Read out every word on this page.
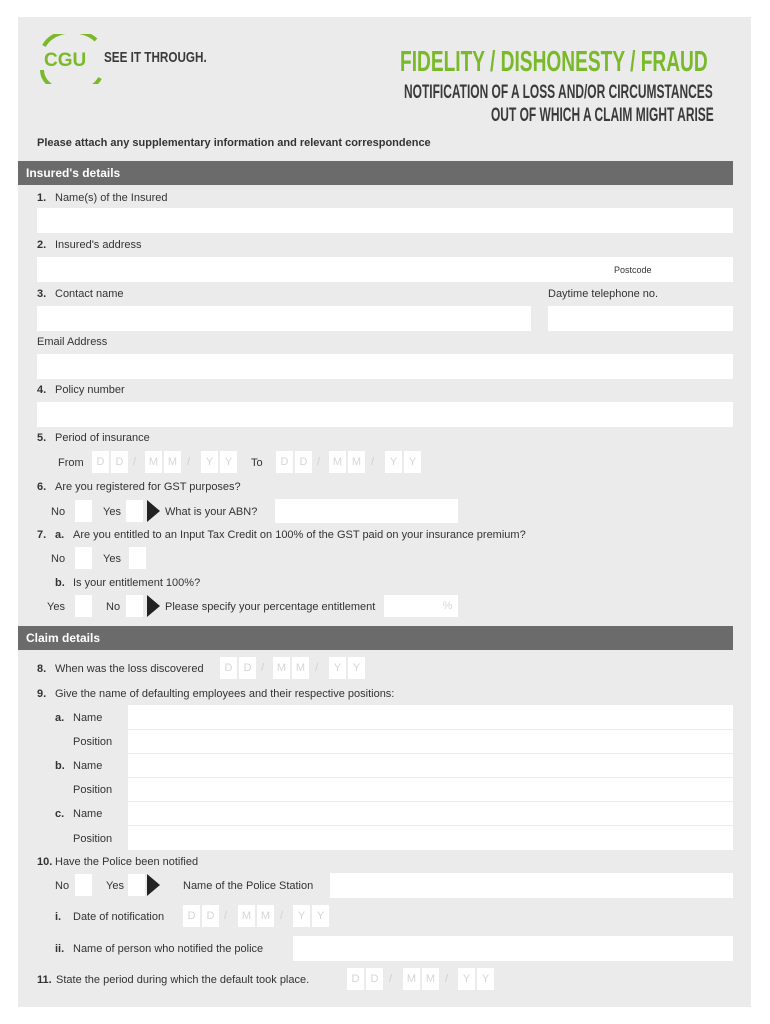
CGU SEE IT THROUGH.	FIDELITY / DISHONESTY / FRAUD
NOTIFICATION OF A LOSS AND/OR CIRCUMSTANCES
OUT OF WHICH A CLAIM MIGHT ARISE
Please attach any supplementary information and relevant correspondence
Insured's details
1. Name(s) of the Insured
2. Insured's address
Postcode
3. Contact name	Daytime telephone no.
Email Address
4. Policy number
5. Period of insurance
From	D	D /	M M /	Y	Y	To	D	D /	M M /	Y	Y
6. Are you registered for GST purposes?
No	Yes	What is your ABN?
7. a. Are you entitled to an Input Tax Credit on 100% of the GST paid on your insurance premium?
No	Yes
b. Is your entitlement 100%?
Yes	No	Please specify your percentage entitlement	%
Claim details
8. When was the loss discovered	D	D /	M M /	Y	Y
9. Give the name of defaulting employees and their respective positions:
a. Name
Position
b. Name
Position
c. Name
Position
10. Have the Police been notified
No	Yes	Name of the Police Station
i. Date of notification	D	D /	M M /	Y	Y
ii. Name of person who notified the police
11. State the period during which the default took place.	D	D /	M M /	Y	Y
